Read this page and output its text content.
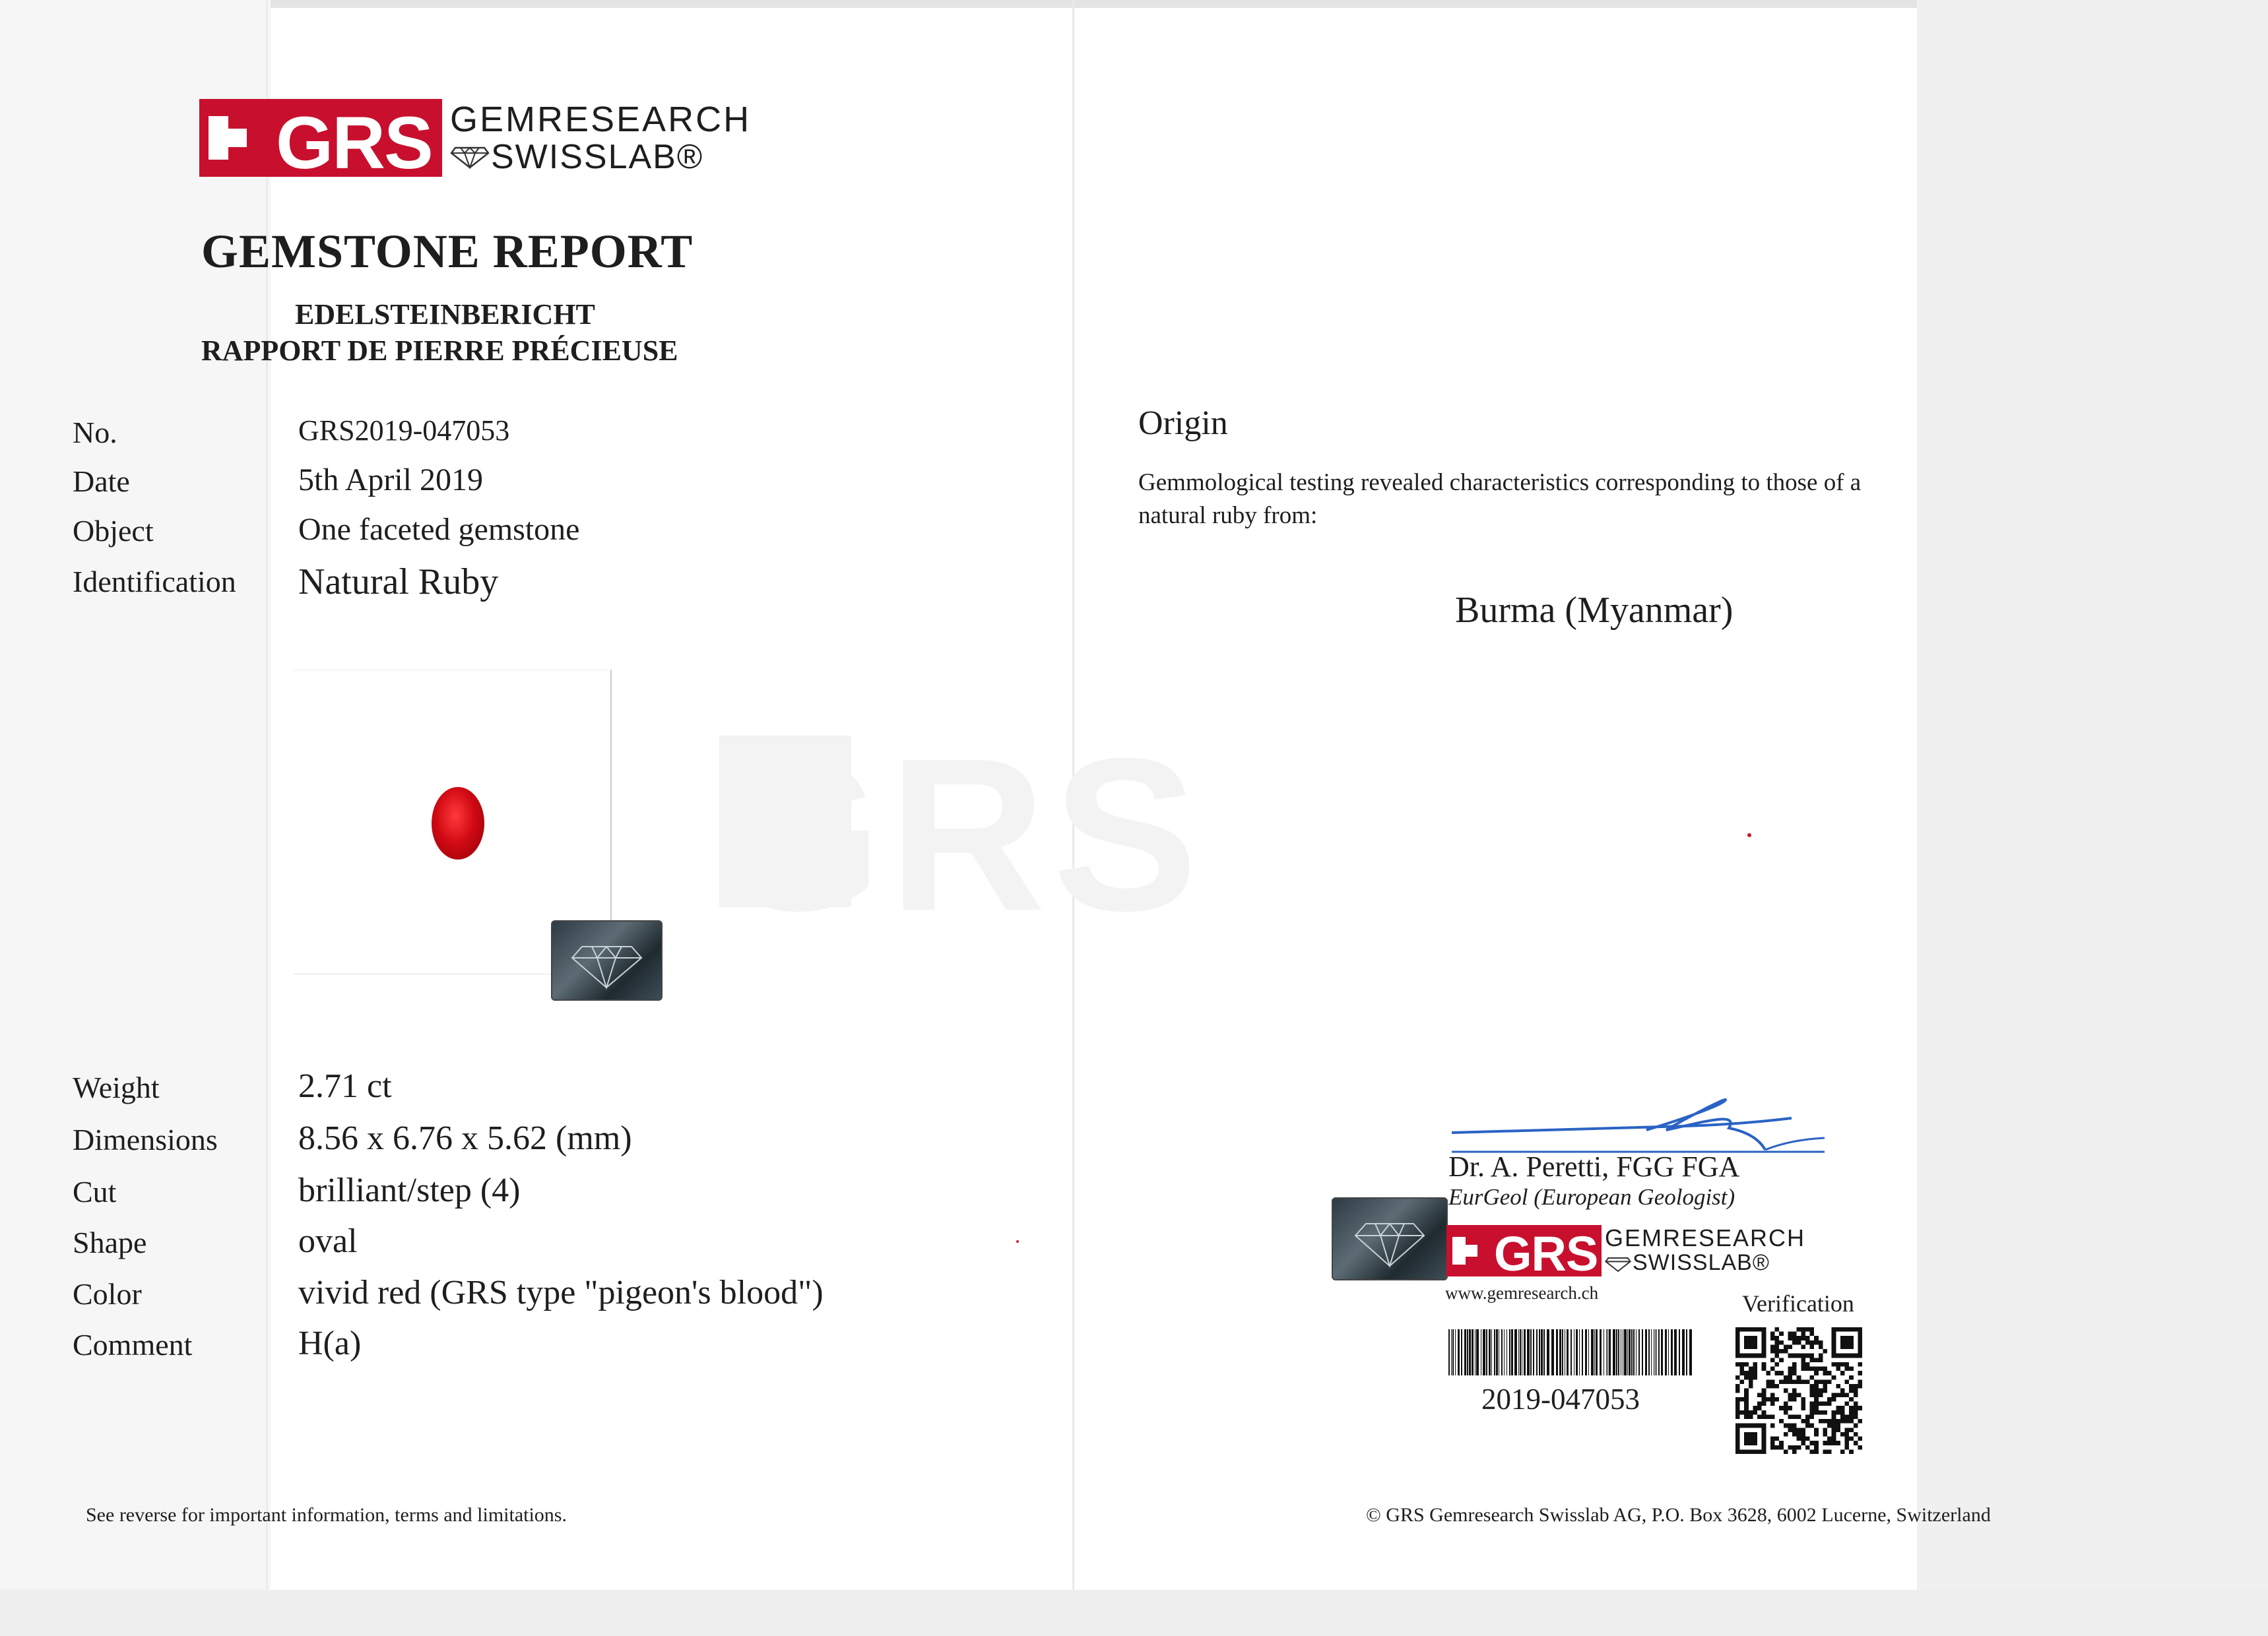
GRS
GRS GEMRESEARCH
SWISSLAB®
GEMSTONE REPORT
EDELSTEINBERICHT
RAPPORT DE PIERRE PRÉCIEUSE
No.	GRS2019-047053
Date	5th April 2019
Object	One faceted gemstone
Identification Natural Ruby
Weight	2.71 ct
Dimensions 8.56 x 6.76 x 5.62 (mm)
Cut	brilliant/step (4)
Shape	oval
Color	vivid red (GRS type "pigeon's blood")
Comment	H(a)
Origin
Gemmological testing revealed characteristics corresponding to those of a natural ruby from:
Burma (Myanmar)
Dr. A. Peretti, FGG FGA
EurGeol (European Geologist)
GRS GEMRESEARCH
SWISSLAB®
www.gemresearch.ch	Verification
2019-047053
See reverse for important information, terms and limitations.	© GRS Gemresearch Swisslab AG, P.O. Box 3628, 6002 Lucerne, Switzerland
